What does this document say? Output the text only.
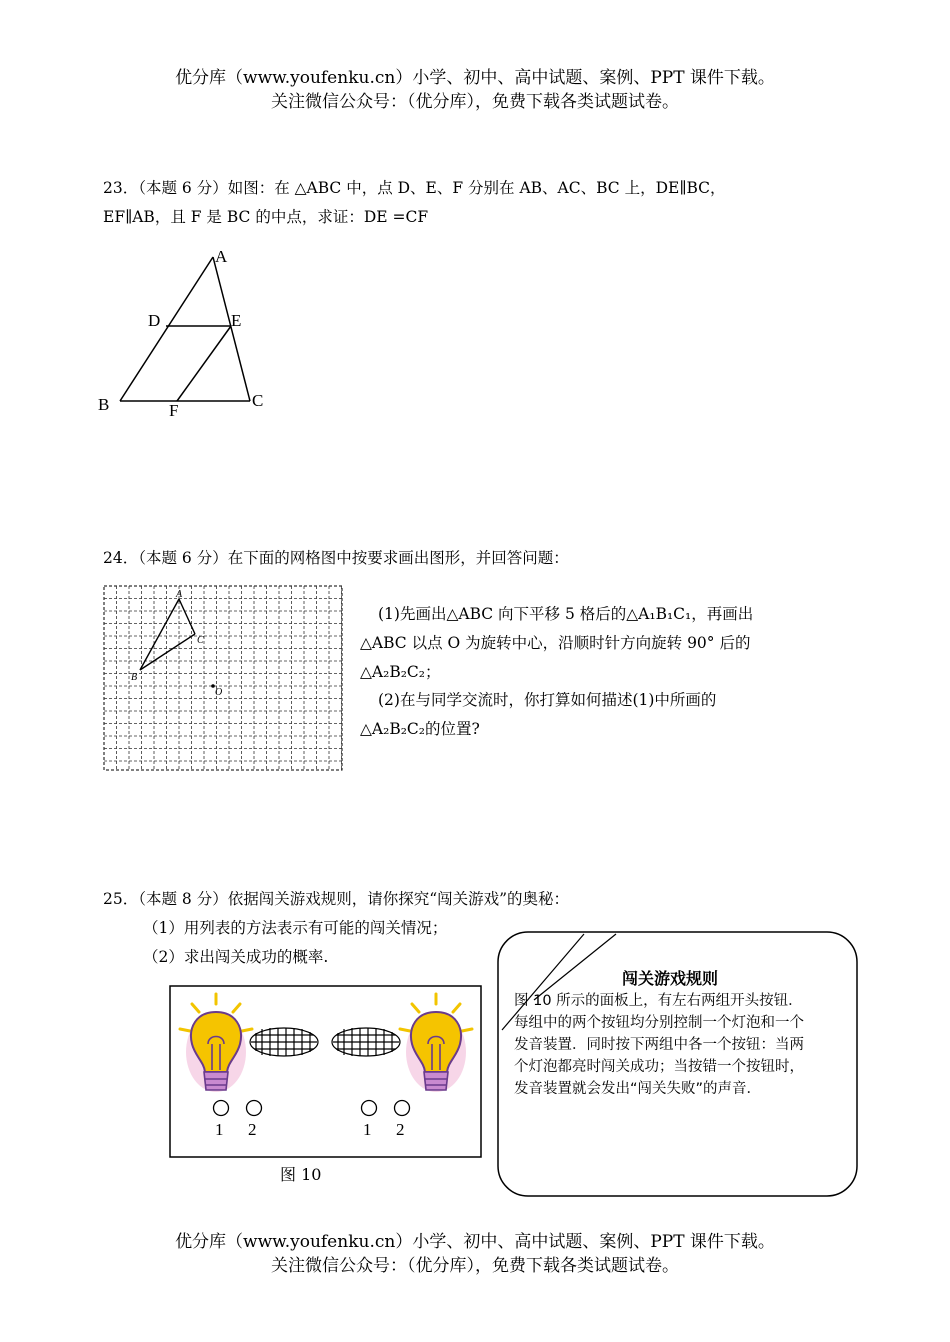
优分库（www.youfenku.cn）小学、初中、高中试题、案例、PPT 课件下载。
关注微信公众号：（优分库），免费下载各类试题试卷。
23．（本题 6 分）如图：在 △ABC 中，点 D、E、F 分别在 AB、AC、BC 上，DE∥BC，
EF∥AB，且 F 是 BC 的中点，求证：DE =CF
A
D	E
B	F
C
24．（本题 6 分）在下面的网格图中按要求画出图形，并回答问题：
A
B
C
O
(1)先画出△ABC 向下平移 5 格后的△A₁B₁C₁，再画出
△ABC 以点 O 为旋转中心，沿顺时针方向旋转 90° 后的
△A₂B₂C₂；
(2)在与同学交流时，你打算如何描述(1)中所画的
△A₂B₂C₂的位置?
25．（本题 8 分）依据闯关游戏规则，请你探究“闯关游戏”的奥秘：
（1）用列表的方法表示有可能的闯关情况；
（2）求出闯关成功的概率.
1 2	1 2
图 10
闯关游戏规则
图 10 所示的面板上，有左右两组开头按钮．
每组中的两个按钮均分别控制一个灯泡和一个
发音装置．同时按下两组中各一个按钮：当两
个灯泡都亮时闯关成功；当按错一个按钮时，
发音装置就会发出“闯关失败”的声音．
优分库（www.youfenku.cn）小学、初中、高中试题、案例、PPT 课件下载。
关注微信公众号：（优分库），免费下载各类试题试卷。
